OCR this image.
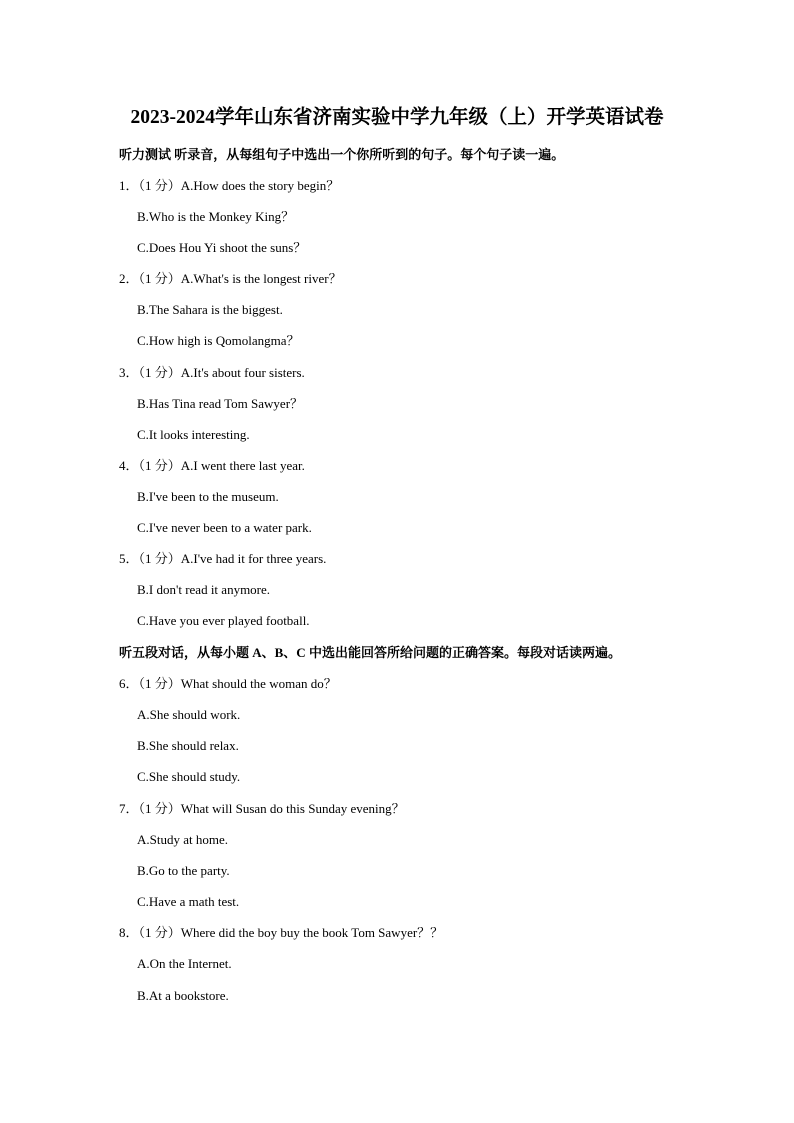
2023-2024学年山东省济南实验中学九年级（上）开学英语试卷
听力测试 听录音，从每组句子中选出一个你所听到的句子。每个句子读一遍。
1．（1 分）A.How does the story begin？
B.Who is the Monkey King？
C.Does Hou Yi shoot the suns？
2．（1 分）A.What's is the longest river？
B.The Sahara is the biggest.
C.How high is Qomolangma？
3．（1 分）A.It's about four sisters.
B.Has Tina read Tom Sawyer？
C.It looks interesting.
4．（1 分）A.I went there last year.
B.I've been to the museum.
C.I've never been to a water park.
5．（1 分）A.I've had it for three years.
B.I don't read it anymore.
C.Have you ever played football.
听五段对话，从每小题 A、B、C 中选出能回答所给问题的正确答案。每段对话读两遍。
6．（1 分）What should the woman do？
A.She should work.
B.She should relax.
C.She should study.
7．（1 分）What will Susan do this Sunday evening？
A.Study at home.
B.Go to the party.
C.Have a math test.
8．（1 分）Where did the boy buy the book Tom Sawyer？？
A.On the Internet.
B.At a bookstore.
